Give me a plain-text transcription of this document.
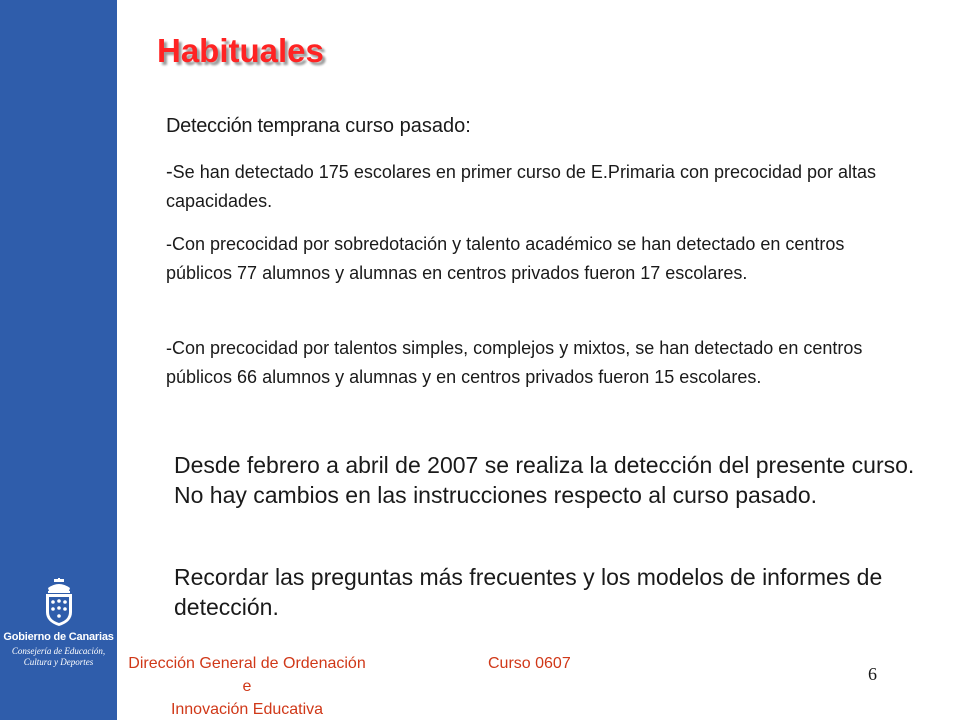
Gobierno de Canarias
Consejería de Educación,
Cultura y Deportes
Habituales
Detección temprana curso pasado:
-Se han detectado 175 escolares en primer curso de E.Primaria con precocidad por altas capacidades.
-Con precocidad por sobredotación y talento académico se han detectado en centros públicos 77 alumnos y alumnas en centros privados fueron 17 escolares.
-Con precocidad por talentos simples, complejos y mixtos, se han detectado en centros públicos 66 alumnos y alumnas y en centros privados fueron 15 escolares.
Desde febrero a abril de 2007 se realiza la detección del presente curso. No hay cambios en las instrucciones respecto al curso pasado.
Recordar las preguntas más frecuentes y los modelos de informes de detección.
Dirección General de Ordenación e
Innovación Educativa
Curso 0607
6
